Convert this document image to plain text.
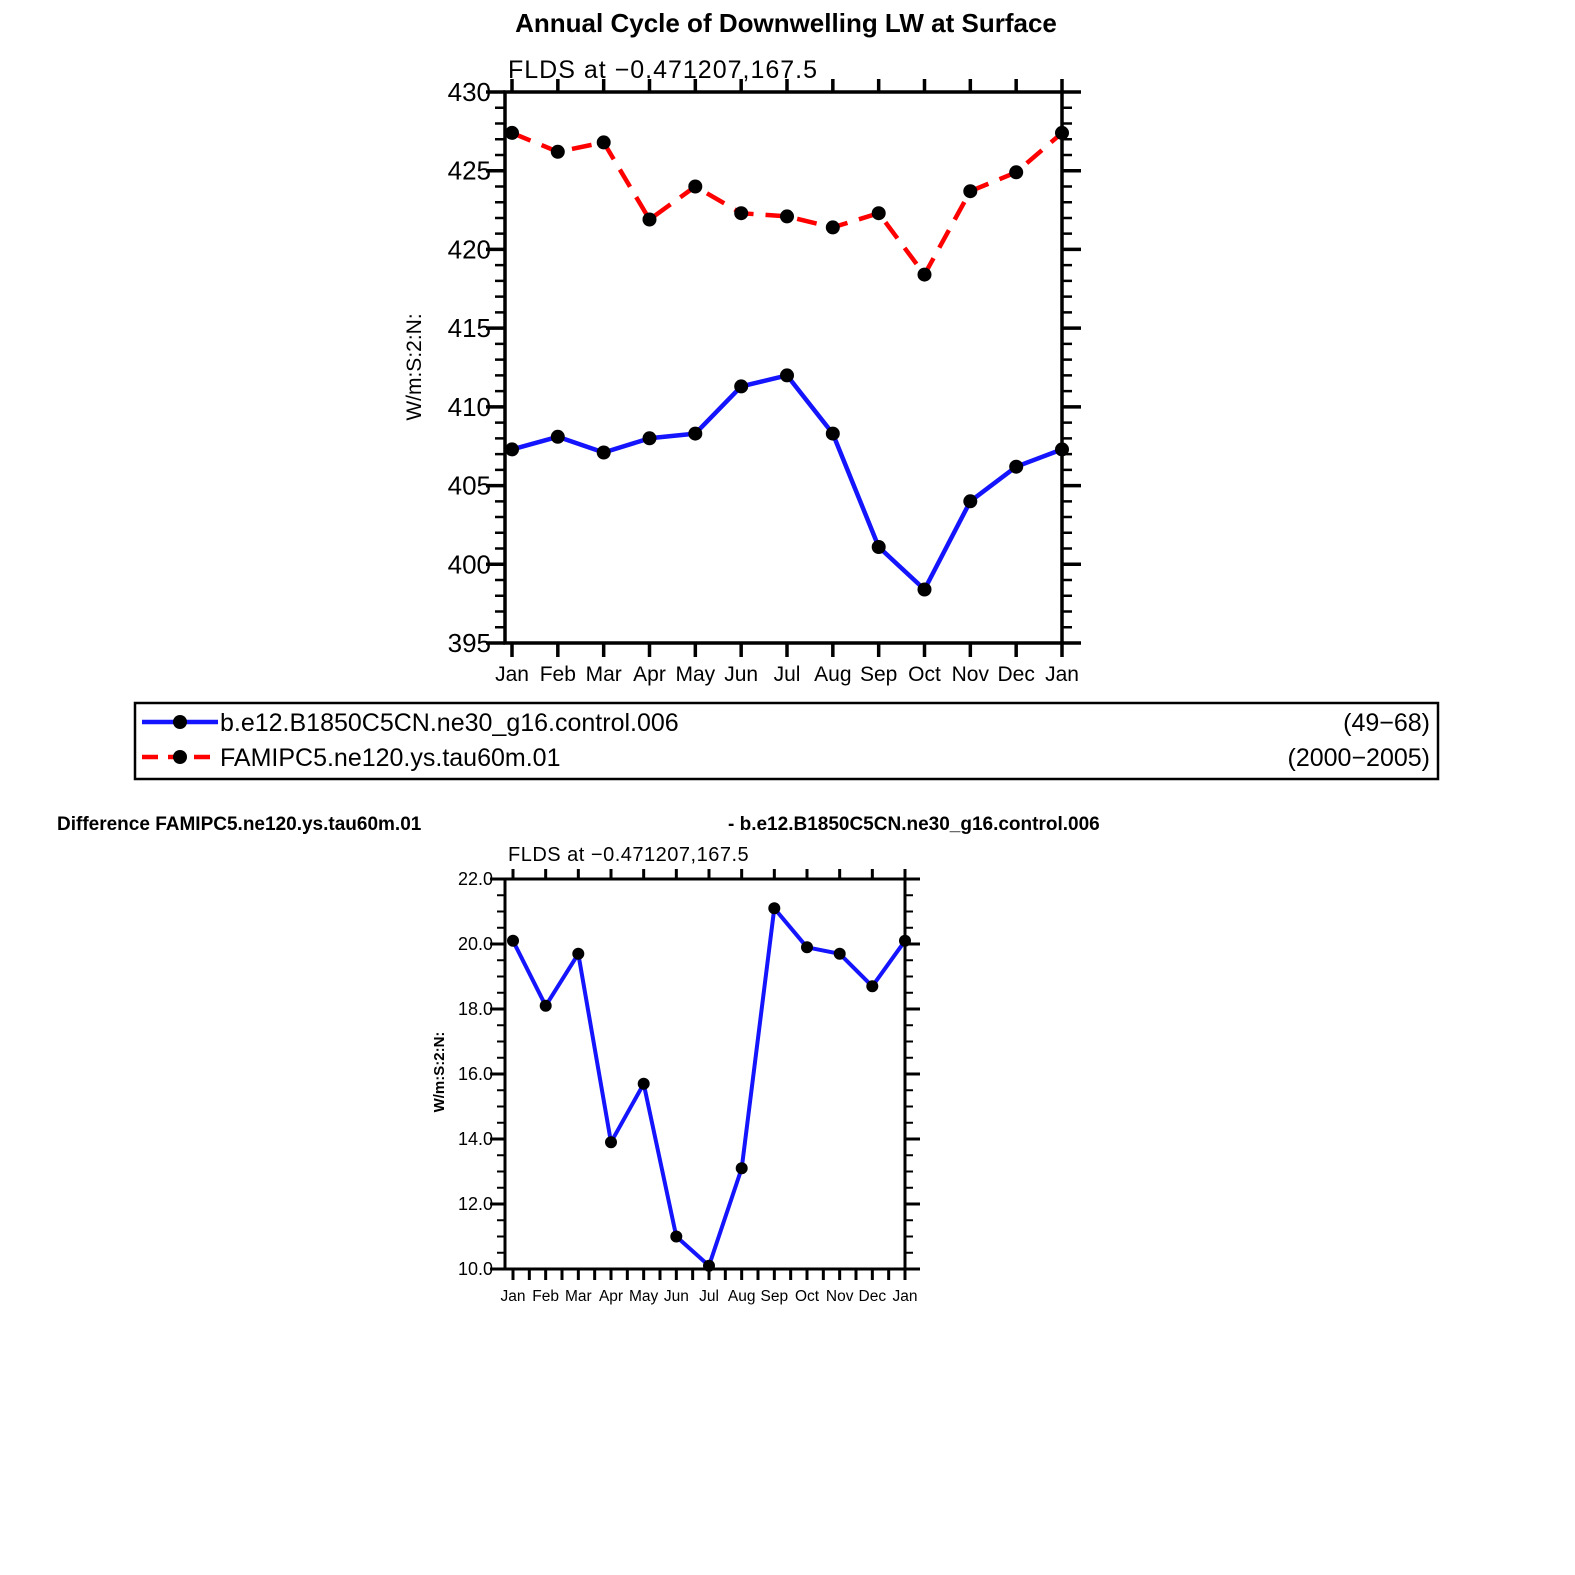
Annual Cycle of Downwelling LW at Surface
FLDS at −0.471207,167.5
W/m:S:2:N:
395
400
405
410
415
420
425
430
Jan Feb Mar Apr May Jun Jul Aug Sep Oct Nov Dec Jan
b.e12.B1850C5CN.ne30_g16.control.006
FAMIPC5.ne120.ys.tau60m.01
(49−68)
(2000−2005)
Difference FAMIPC5.ne120.ys.tau60m.01	- b.e12.B1850C5CN.ne30_g16.control.006
FLDS at −0.471207,167.5
W/m:S:2:N:
10.0
12.0
14.0
16.0
18.0
20.0
22.0
Jan Feb Mar Apr May Jun Jul Aug Sep Oct Nov Dec Jan
